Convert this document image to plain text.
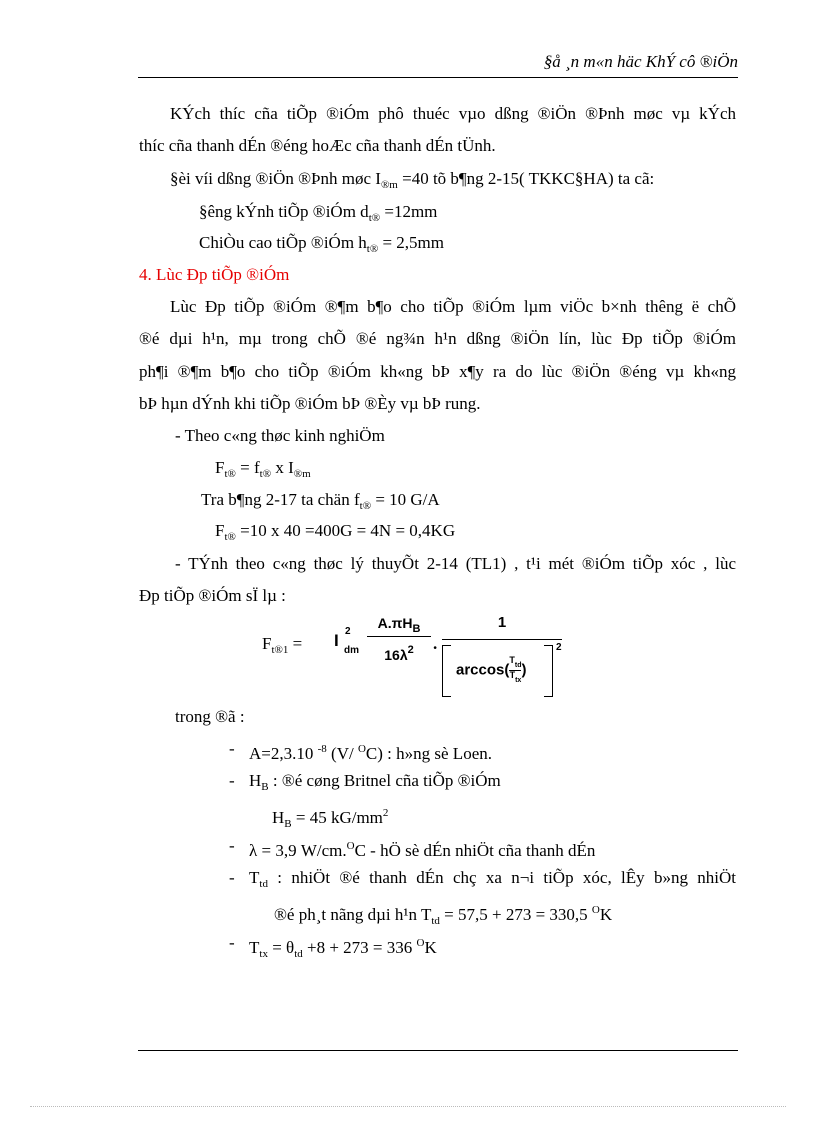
§å ¸n m«n häc KhÝ cô ®iÖn
KÝch thíc cña tiÕp ®iÓm phô thuéc vµo dßng ®iÖn ®Þnh møc vµ kÝch
thíc cña thanh dÉn ®éng hoÆc cña thanh dÉn tÜnh.
§èi víi dßng ®iÖn ®Þnh møc $I_{®m} =40$ tõ b¶ng 2-15( TKKC§HA) ta cã:
§êng kÝnh tiÕp ®iÓm $d_{t®} =12mm$
ChiÒu cao tiÕp ®iÓm $h_{t®} = 2,5mm$
4. Lùc Ðp tiÕp ®iÓm
Lùc Ðp tiÕp ®iÓm ®¶m b¶o cho tiÕp ®iÓm lµm viÖc b×nh thêng ë chÕ
®é dµi h¹n, mµ trong chÕ ®é ng¾n h¹n dßng ®iÖn lín, lùc Ðp tiÕp ®iÓm
ph¶i ®¶m b¶o cho tiÕp ®iÓm kh«ng bÞ x¶y ra do lùc ®iÖn ®éng vµ kh«ng
bÞ hµn dÝnh khi tiÕp ®iÓm bÞ ®Èy vµ bÞ rung.
- Theo c«ng thøc kinh nghiÖm
$F_{t®} = f_{t®}$ x $I_{®m}$
Tra b¶ng 2-17 ta chän $f_{t®} = 10$ G/A
$F_{t®} =10$ x 40 =400G = 4N = 0,4KG
- TÝnh theo c«ng thøc lý thuyÕt 2-14 (TL1) , t¹i mét ®iÓm tiÕp xóc , lùc
Ðp tiÕp ®iÓm sÏ lµ :
$F_{t®1} = I$ 2
dm
$A.\pi H_B$
$16\lambda^2$	.
1
$\arccos(T_{td}$

$T_{tx}$)
2
trong ®ã :
- A=2,3.10 $^{-8}$ (V/ $^O$C) : h»ng sè Loen.
- $H_B$ : ®é cøng Britnel cña tiÕp ®iÓm
$H_B = 45$ $kG/mm^2$
- λ = 3,9 W/cm.$^O$C - hÖ sè dÉn nhiÖt cña thanh dÉn
- $T_{td}$ : nhiÖt ®é thanh dÉn chç xa n¬i tiÕp xóc, lÊy b»ng nhiÖt
®é ph¸t nãng dµi h¹n $T_{td} = 57,5 + 273 = 330,5$ $^O$K
- $T_{tx} = \theta_{td} +8 + 273 = 336$ $^O$K
